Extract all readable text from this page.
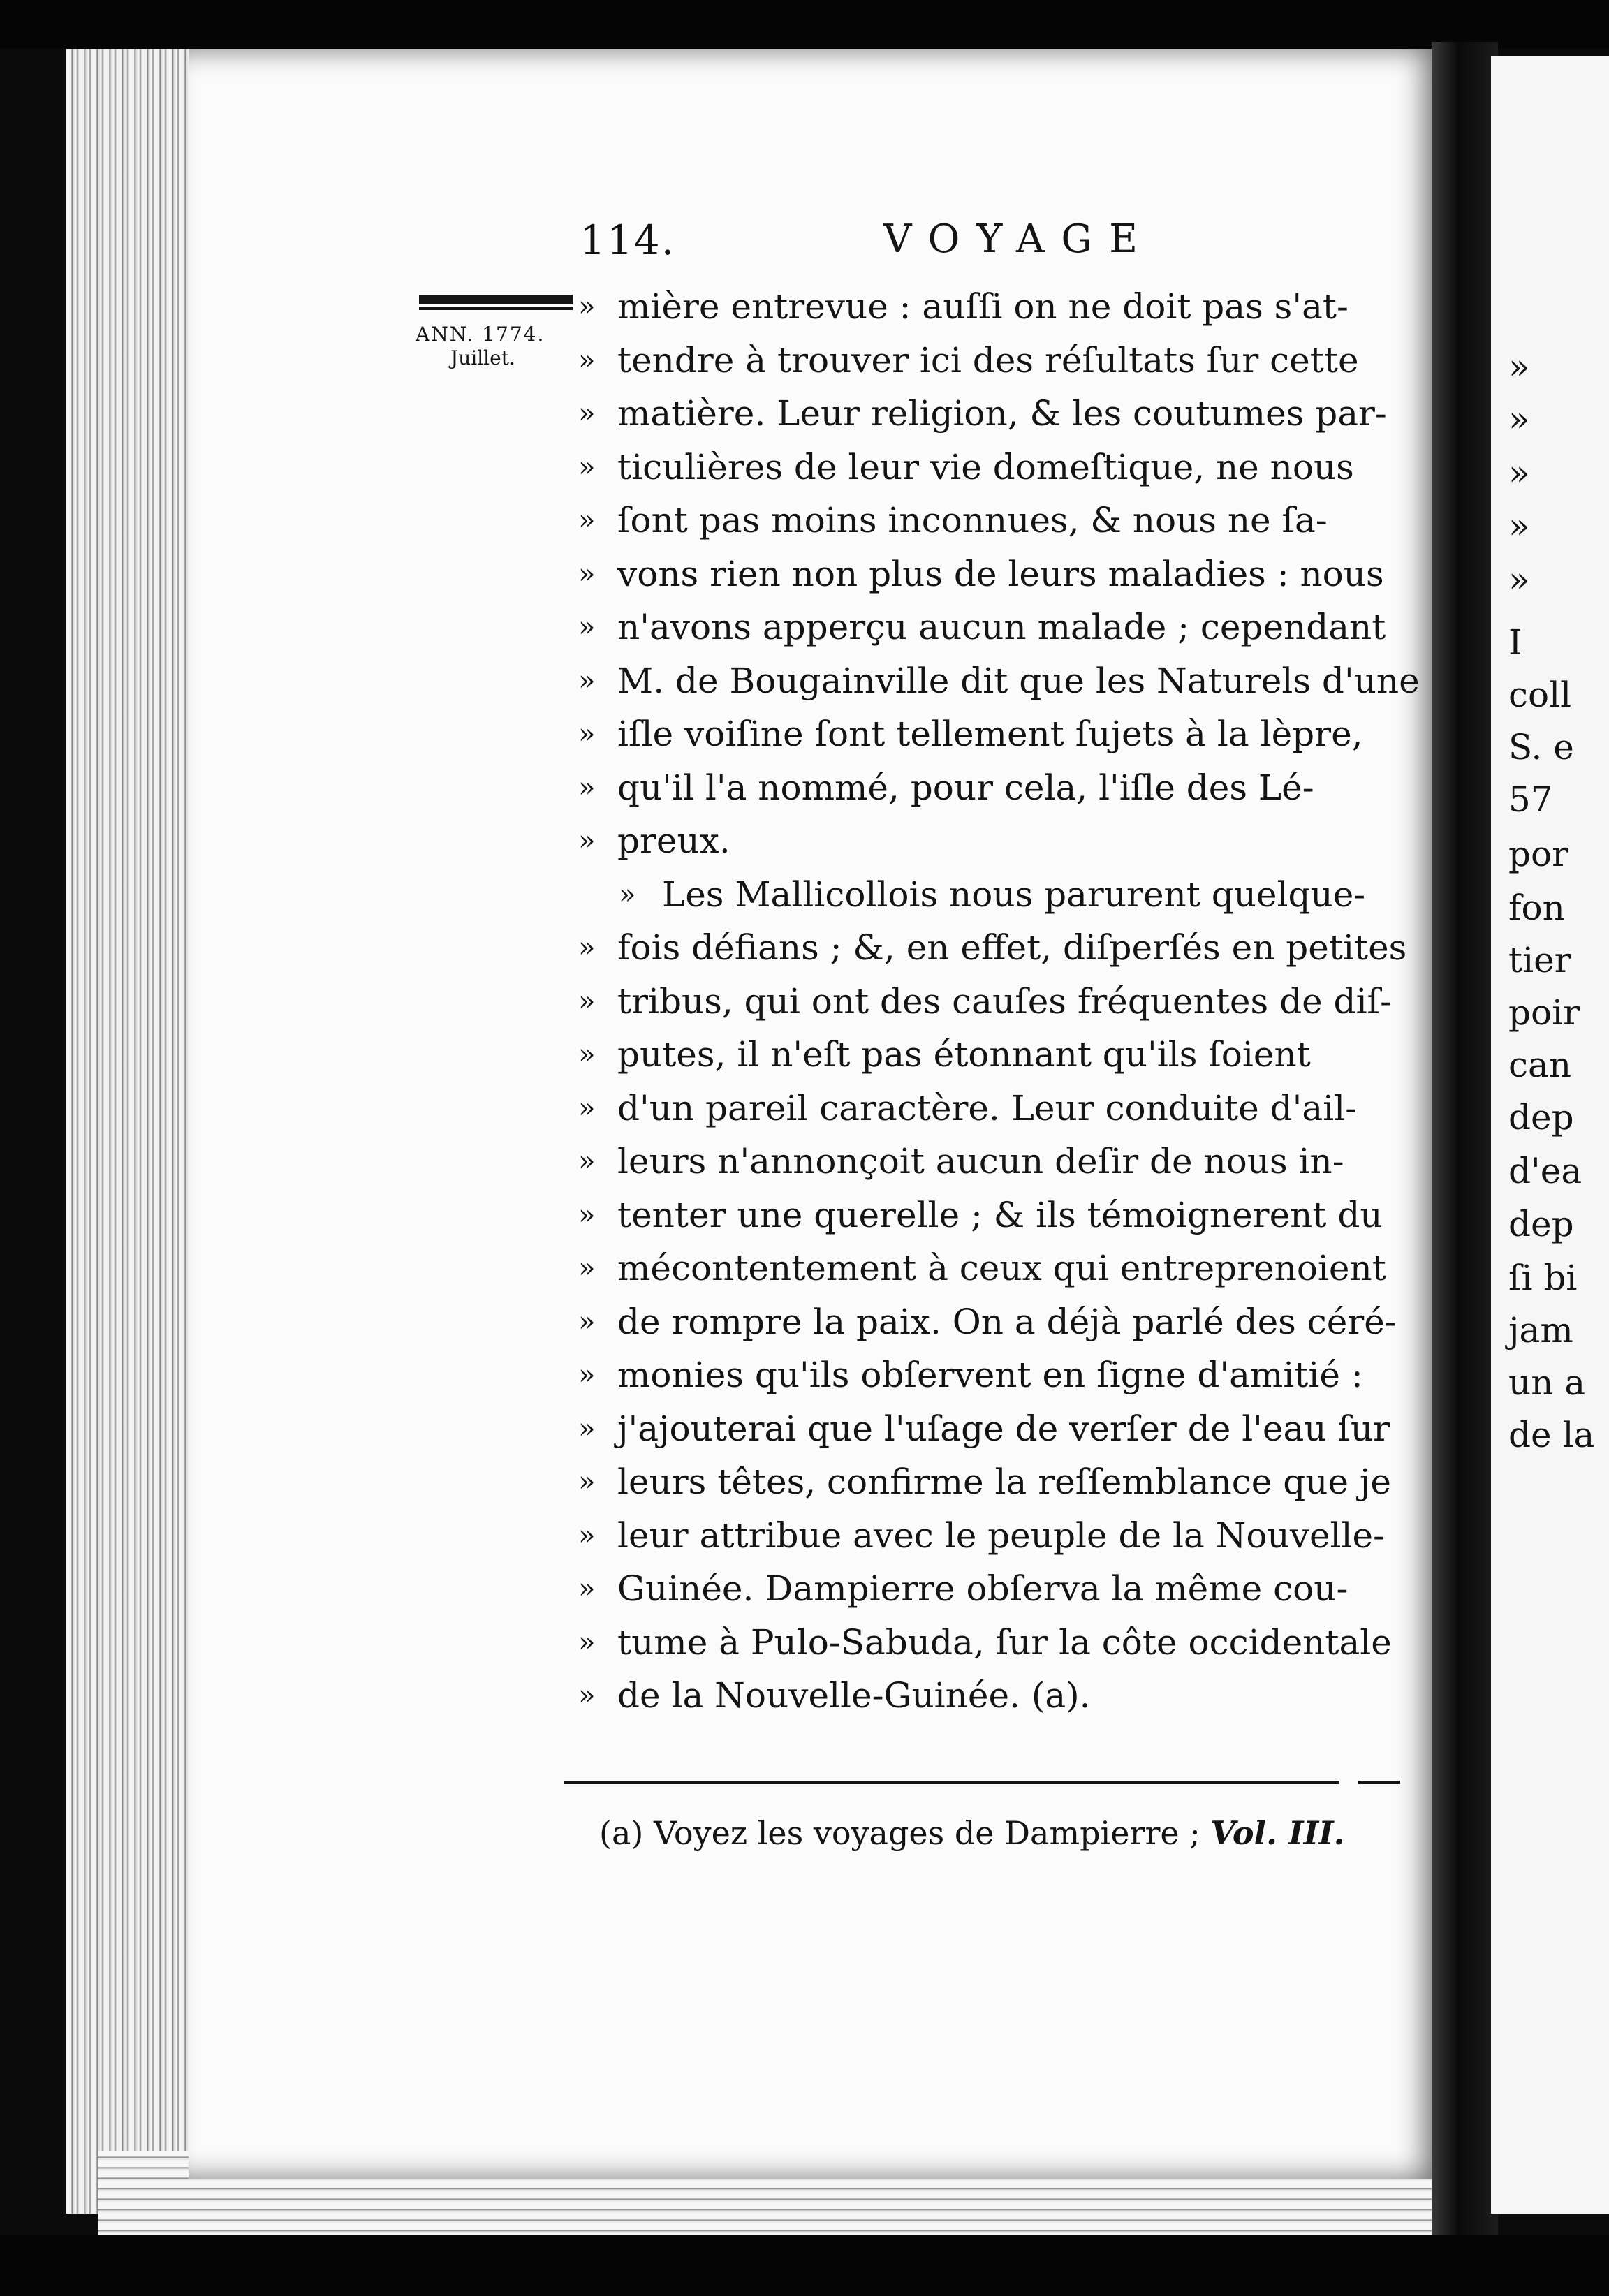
»
»
»
»
»
I
coll
S. e
57
por
fon
tier
poir
can
dep
d'ea
dep
ſi bi
jam
un a
de la
114.	VOYAGE
ANN. 1774.
Juillet.
» mière entrevue : auſſi on ne doit pas s'at-
» tendre à trouver ici des réſultats ſur cette
» matière. Leur religion, & les coutumes par-
» ticulières de leur vie domeſtique, ne nous
» ſont pas moins inconnues, & nous ne ſa-
» vons rien non plus de leurs maladies : nous
» n'avons apperçu aucun malade ; cependant
» M. de Bougainville dit que les Naturels d'une
» iſle voiſine ſont tellement ſujets à la lèpre,
» qu'il l'a nommé, pour cela, l'iſle des Lé-
» preux.
» Les Mallicollois nous parurent quelque-
» fois défians ; &, en effet, diſperſés en petites
» tribus, qui ont des cauſes fréquentes de diſ-
» putes, il n'eſt pas étonnant qu'ils ſoient
» d'un pareil caractère. Leur conduite d'ail-
» leurs n'annonçoit aucun deſir de nous in-
» tenter une querelle ; & ils témoignerent du
» mécontentement à ceux qui entreprenoient
» de rompre la paix. On a déjà parlé des céré-
» monies qu'ils obſervent en ſigne d'amitié :
» j'ajouterai que l'uſage de verſer de l'eau ſur
» leurs têtes, confirme la reſſemblance que je
» leur attribue avec le peuple de la Nouvelle-
» Guinée. Dampierre obſerva la même cou-
» tume à Pulo-Sabuda, ſur la côte occidentale
» de la Nouvelle-Guinée. (a).
(a) Voyez les voyages de Dampierre ; Vol. III.
